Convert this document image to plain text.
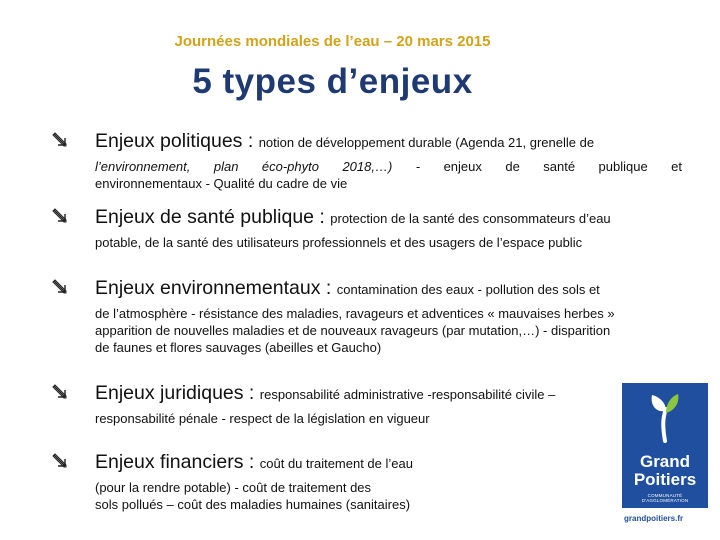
Journées mondiales de l’eau – 20 mars 2015
5 types d’enjeux
Enjeux politiques : notion de développement durable (Agenda 21, grenelle de
l’environnement, plan éco-phyto 2018,…) - enjeux de santé publique et
environnementaux - Qualité du cadre de vie
Enjeux de santé publique : protection de la santé des consommateurs d’eau
potable, de la santé des utilisateurs professionnels et des usagers de l’espace public
Enjeux environnementaux : contamination des eaux - pollution des sols et
de l’atmosphère - résistance des maladies, ravageurs et adventices « mauvaises herbes »
apparition de nouvelles maladies et de nouveaux ravageurs (par mutation,…) - disparition
de faunes et flores sauvages (abeilles et Gaucho)
Enjeux juridiques : responsabilité administrative -responsabilité civile –
responsabilité pénale - respect de la législation en vigueur
Enjeux financiers : coût du traitement de l’eau
(pour la rendre potable) - coût de traitement des
sols pollués – coût des maladies humaines (sanitaires)
Grand
Poitiers
COMMUNAUTÉ D'AGGLOMÉRATION
grandpoitiers.fr
